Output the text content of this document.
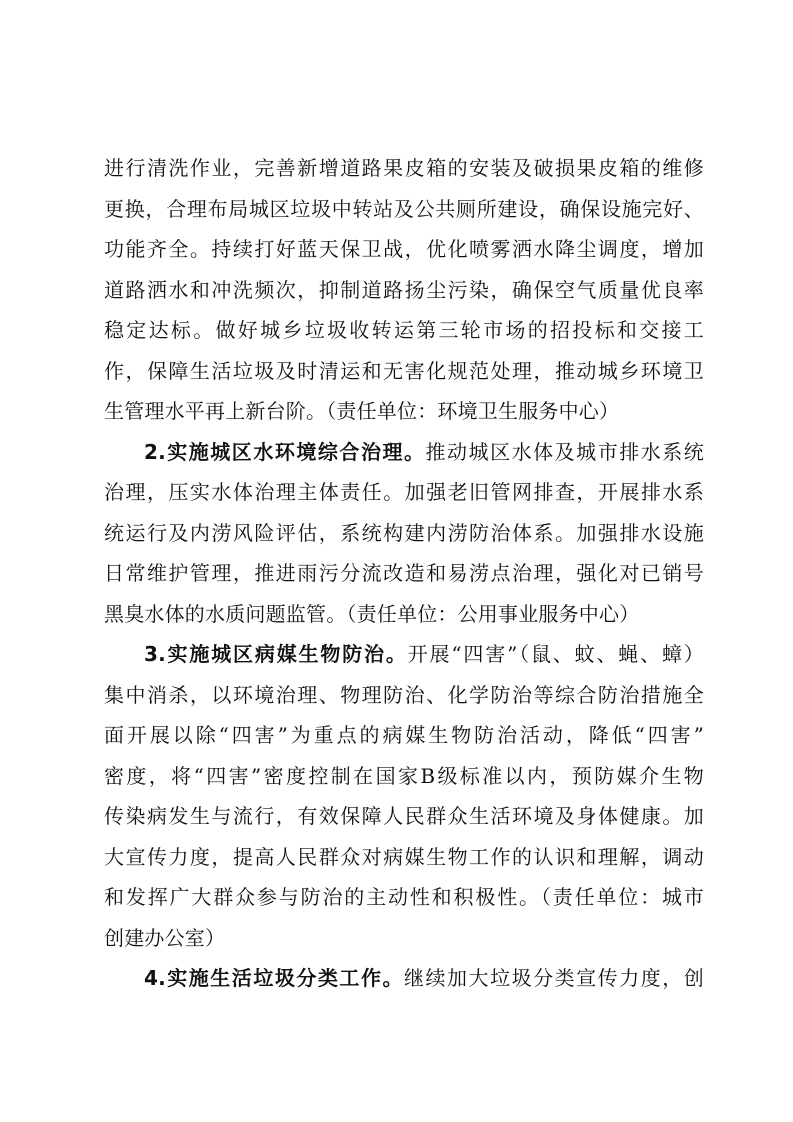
进行清洗作业，完善新增道路果皮箱的安装及破损果皮箱的维修
更换，合理布局城区垃圾中转站及公共厕所建设，确保设施完好、
功能齐全。持续打好蓝天保卫战，优化喷雾洒水降尘调度，增加
道路洒水和冲洗频次，抑制道路扬尘污染，确保空气质量优良率
稳定达标。做好城乡垃圾收转运第三轮市场的招投标和交接工
作，保障生活垃圾及时清运和无害化规范处理，推动城乡环境卫
生管理水平再上新台阶。（责任单位：环境卫生服务中心）
2.实施城区水环境综合治理。推动城区水体及城市排水系统
治理，压实水体治理主体责任。加强老旧管网排查，开展排水系
统运行及内涝风险评估，系统构建内涝防治体系。加强排水设施
日常维护管理，推进雨污分流改造和易涝点治理，强化对已销号
黑臭水体的水质问题监管。（责任单位：公用事业服务中心）
3.实施城区病媒生物防治。开展“四害”（鼠、蚊、蝇、蟑）
集中消杀，以环境治理、物理防治、化学防治等综合防治措施全
面开展以除“四害”为重点的病媒生物防治活动，降低“四害”
密度，将“四害”密度控制在国家B级标准以内，预防媒介生物
传染病发生与流行，有效保障人民群众生活环境及身体健康。加
大宣传力度，提高人民群众对病媒生物工作的认识和理解，调动
和发挥广大群众参与防治的主动性和积极性。（责任单位：城市
创建办公室）
4.实施生活垃圾分类工作。继续加大垃圾分类宣传力度，创
